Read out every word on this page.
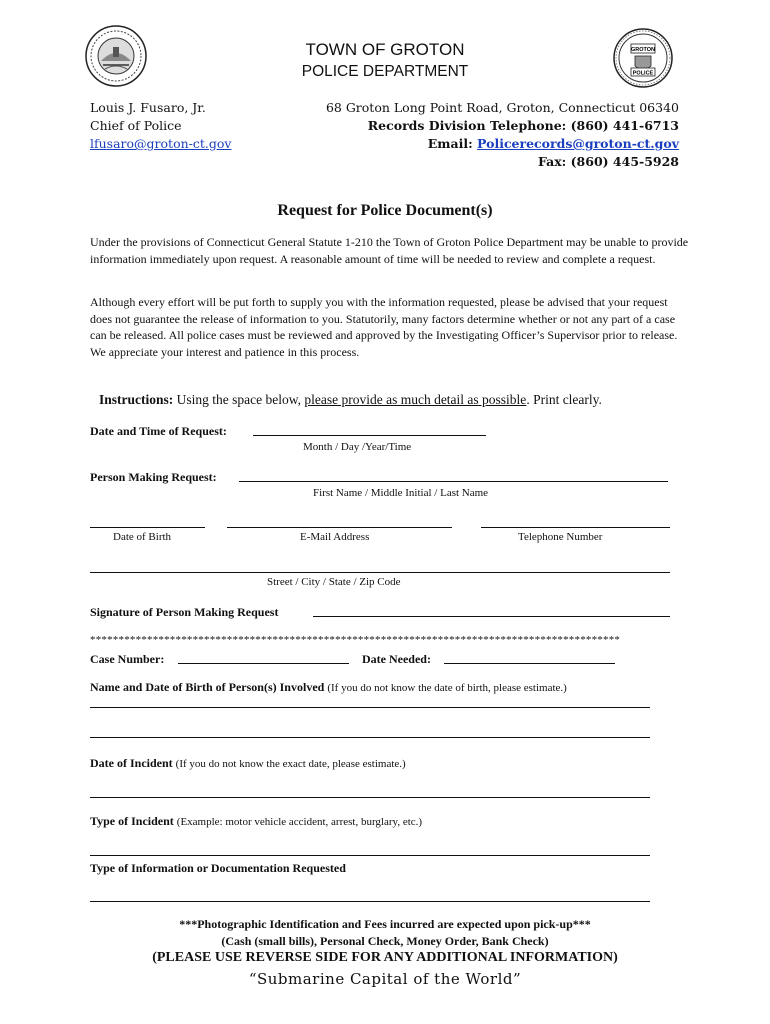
GROTON
POLICE
TOWN OF GROTON
POLICE DEPARTMENT
Louis J. Fusaro, Jr.
Chief of Police
lfusaro@groton-ct.gov
68 Groton Long Point Road, Groton, Connecticut 06340
Records Division Telephone: (860) 441-6713
Email: Policerecords@groton-ct.gov
Fax: (860) 445-5928
Request for Police Document(s)
Under the provisions of Connecticut General Statute 1-210 the Town of Groton Police Department may be unable to provide information immediately upon request. A reasonable amount of time will be needed to review and complete a request.
Although every effort will be put forth to supply you with the information requested, please be advised that your request does not guarantee the release of information to you. Statutorily, many factors determine whether or not any part of a case can be released. All police cases must be reviewed and approved by the Investigating Officer’s Supervisor prior to release. We appreciate your interest and patience in this process.
Instructions: Using the space below, please provide as much detail as possible. Print clearly.
Date and Time of Request:
Month / Day /Year/Time
Person Making Request:
First Name / Middle Initial / Last Name
Date of Birth	E-Mail Address	Telephone Number
Street / City / State / Zip Code
Signature of Person Making Request
*********************************************************************************************
Case Number:	Date Needed:
Name and Date of Birth of Person(s) Involved (If you do not know the date of birth, please estimate.)
Date of Incident (If you do not know the exact date, please estimate.)
Type of Incident (Example: motor vehicle accident, arrest, burglary, etc.)
Type of Information or Documentation Requested
***Photographic Identification and Fees incurred are expected upon pick-up***
(Cash (small bills), Personal Check, Money Order, Bank Check)
(PLEASE USE REVERSE SIDE FOR ANY ADDITIONAL INFORMATION)
“Submarine Capital of the World”
